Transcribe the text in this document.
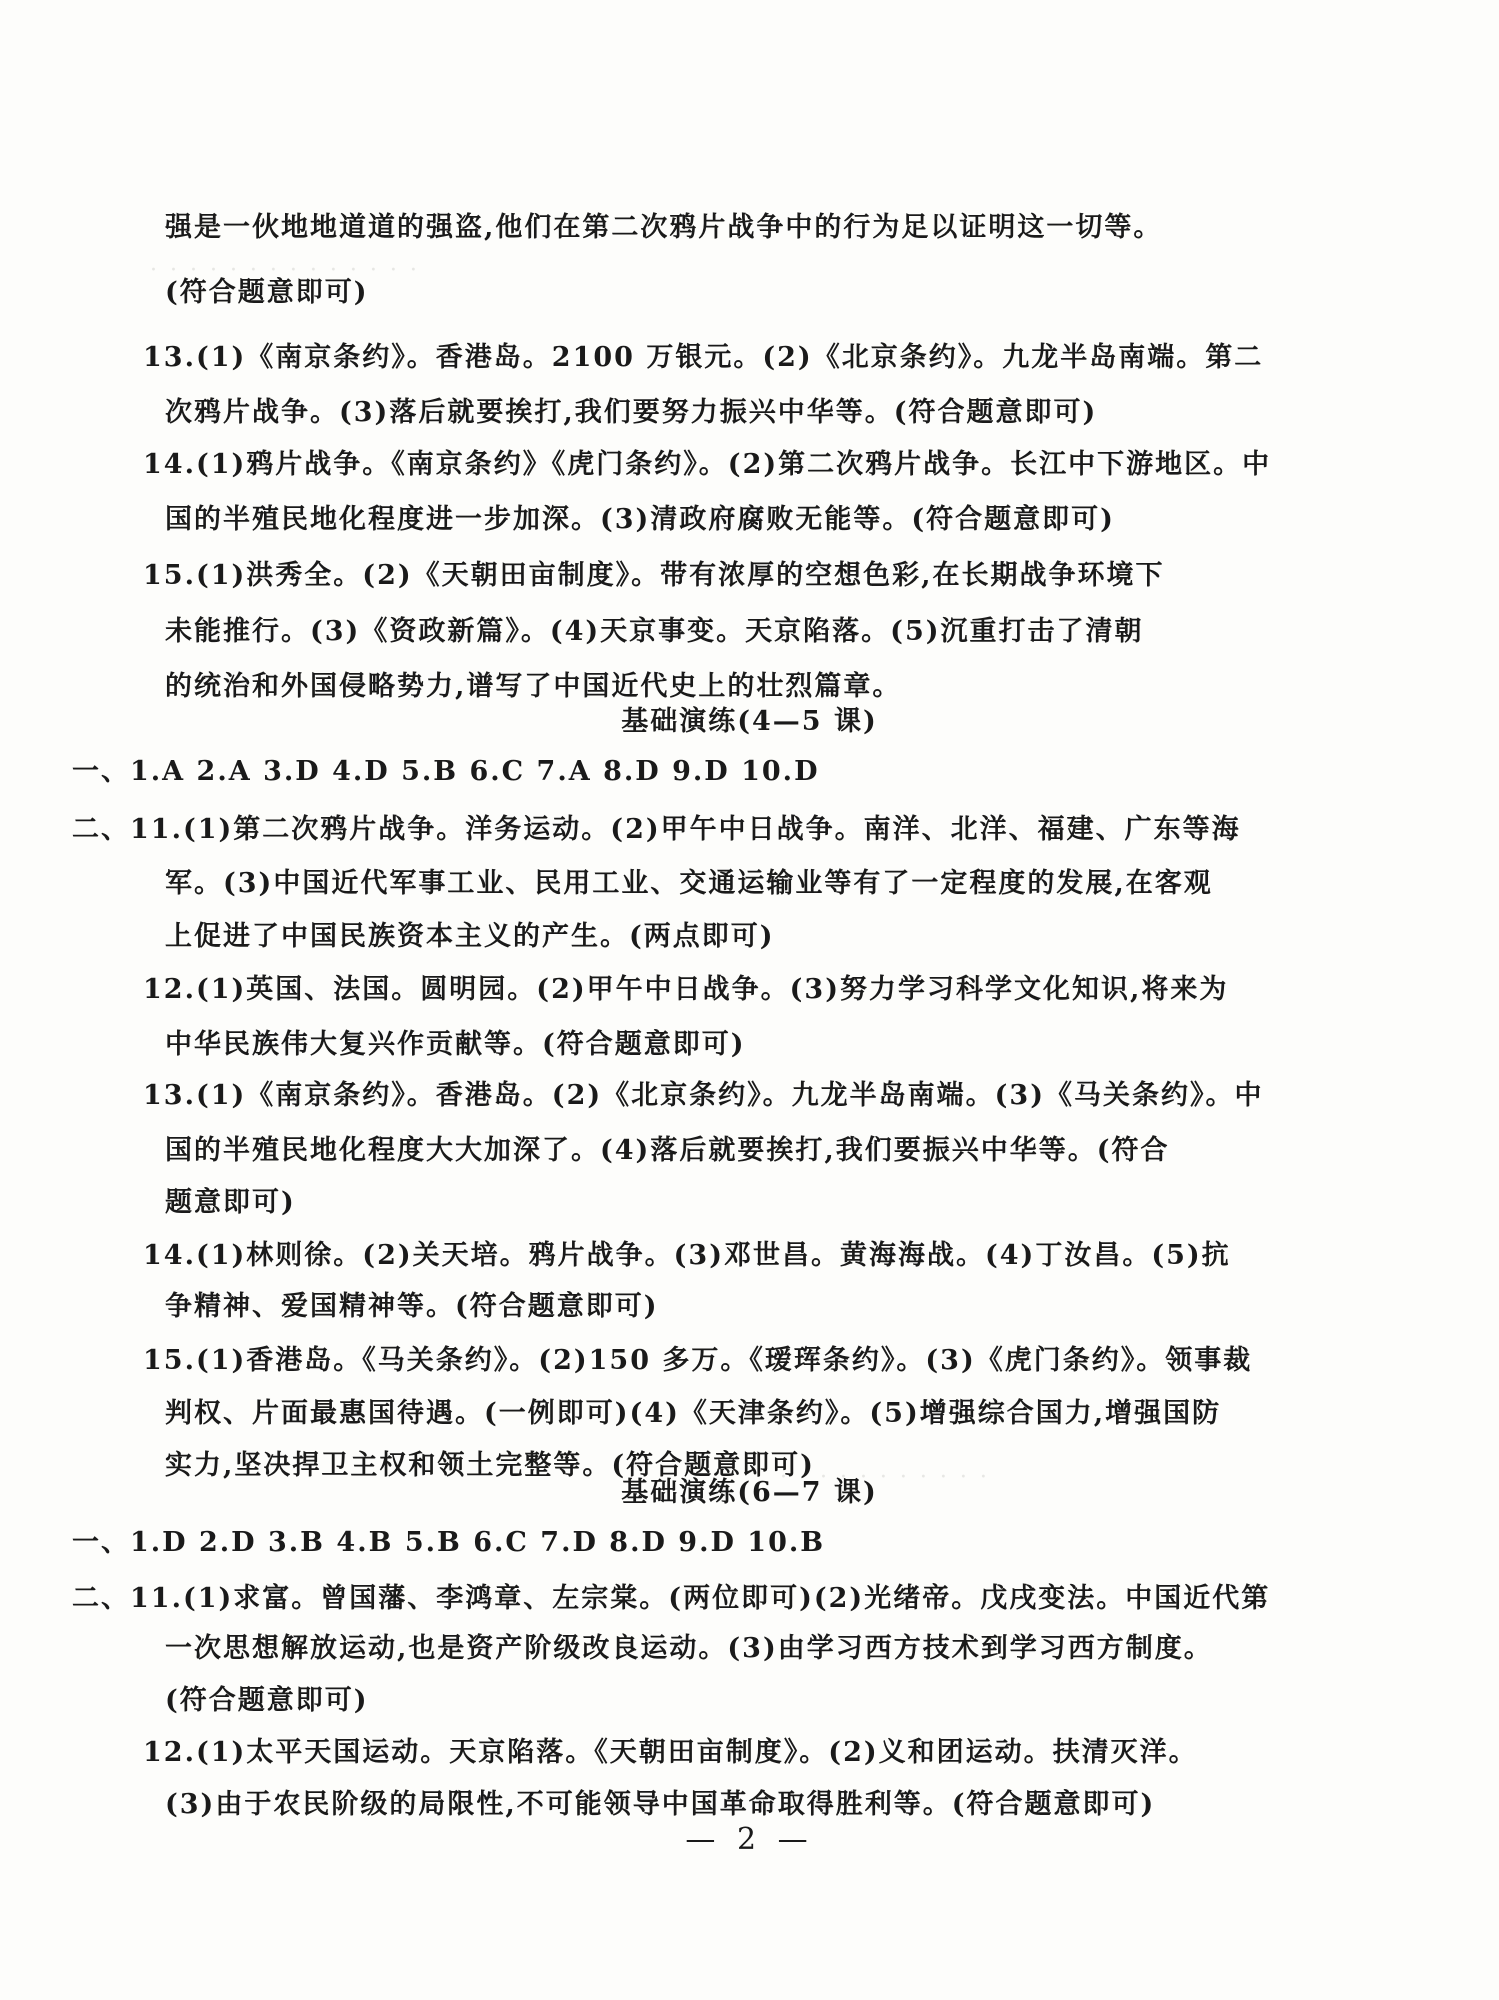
· · · · · · · · · · · · · ·
· · · · · · · · · · ·
强是一伙地地道道的强盗,他们在第二次鸦片战争中的行为足以证明这一切等。
(符合题意即可)
13.(1)《南京条约》。香港岛。2100 万银元。(2)《北京条约》。九龙半岛南端。第二
次鸦片战争。(3)落后就要挨打,我们要努力振兴中华等。(符合题意即可)
14.(1)鸦片战争。《南京条约》《虎门条约》。(2)第二次鸦片战争。长江中下游地区。中
国的半殖民地化程度进一步加深。(3)清政府腐败无能等。(符合题意即可)
15.(1)洪秀全。(2)《天朝田亩制度》。带有浓厚的空想色彩,在长期战争环境下
未能推行。(3)《资政新篇》。(4)天京事变。天京陷落。(5)沉重打击了清朝
的统治和外国侵略势力,谱写了中国近代史上的壮烈篇章。
基础演练(4—5 课)
一、1.A 2.A 3.D 4.D 5.B 6.C 7.A 8.D 9.D 10.D
二、11.(1)第二次鸦片战争。洋务运动。(2)甲午中日战争。南洋、北洋、福建、广东等海
军。(3)中国近代军事工业、民用工业、交通运输业等有了一定程度的发展,在客观
上促进了中国民族资本主义的产生。(两点即可)
12.(1)英国、法国。圆明园。(2)甲午中日战争。(3)努力学习科学文化知识,将来为
中华民族伟大复兴作贡献等。(符合题意即可)
13.(1)《南京条约》。香港岛。(2)《北京条约》。九龙半岛南端。(3)《马关条约》。中
国的半殖民地化程度大大加深了。(4)落后就要挨打,我们要振兴中华等。(符合
题意即可)
14.(1)林则徐。(2)关天培。鸦片战争。(3)邓世昌。黄海海战。(4)丁汝昌。(5)抗
争精神、爱国精神等。(符合题意即可)
15.(1)香港岛。《马关条约》。(2)150 多万。《瑷珲条约》。(3)《虎门条约》。领事裁
判权、片面最惠国待遇。(一例即可)(4)《天津条约》。(5)增强综合国力,增强国防
实力,坚决捍卫主权和领土完整等。(符合题意即可)
基础演练(6—7 课)
一、1.D 2.D 3.B 4.B 5.B 6.C 7.D 8.D 9.D 10.B
二、11.(1)求富。曾国藩、李鸿章、左宗棠。(两位即可)(2)光绪帝。戊戌变法。中国近代第
一次思想解放运动,也是资产阶级改良运动。(3)由学习西方技术到学习西方制度。
(符合题意即可)
12.(1)太平天国运动。天京陷落。《天朝田亩制度》。(2)义和团运动。扶清灭洋。
(3)由于农民阶级的局限性,不可能领导中国革命取得胜利等。(符合题意即可)
— 2 —
